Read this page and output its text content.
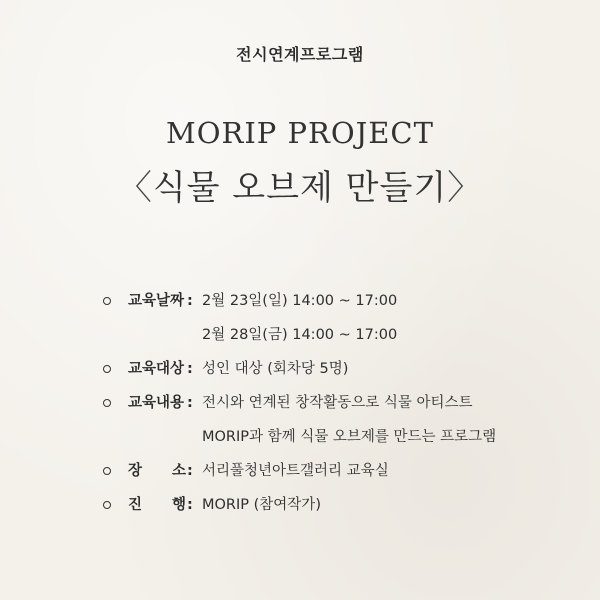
전시연계프로그램
MORIP PROJECT
〈식물 오브제 만들기〉
교육날짜 : 2월 23일(일) 14:00 ~ 17:00
2월 28일(금) 14:00 ~ 17:00
교육대상 : 성인 대상 (회차당 5명)
교육내용 : 전시와 연계된 창작활동으로 식물 아티스트
MORIP과 함께 식물 오브제를 만드는 프로그램
장 소 : 서리풀청년아트갤러리 교육실
진 행 : MORIP (참여작가)
